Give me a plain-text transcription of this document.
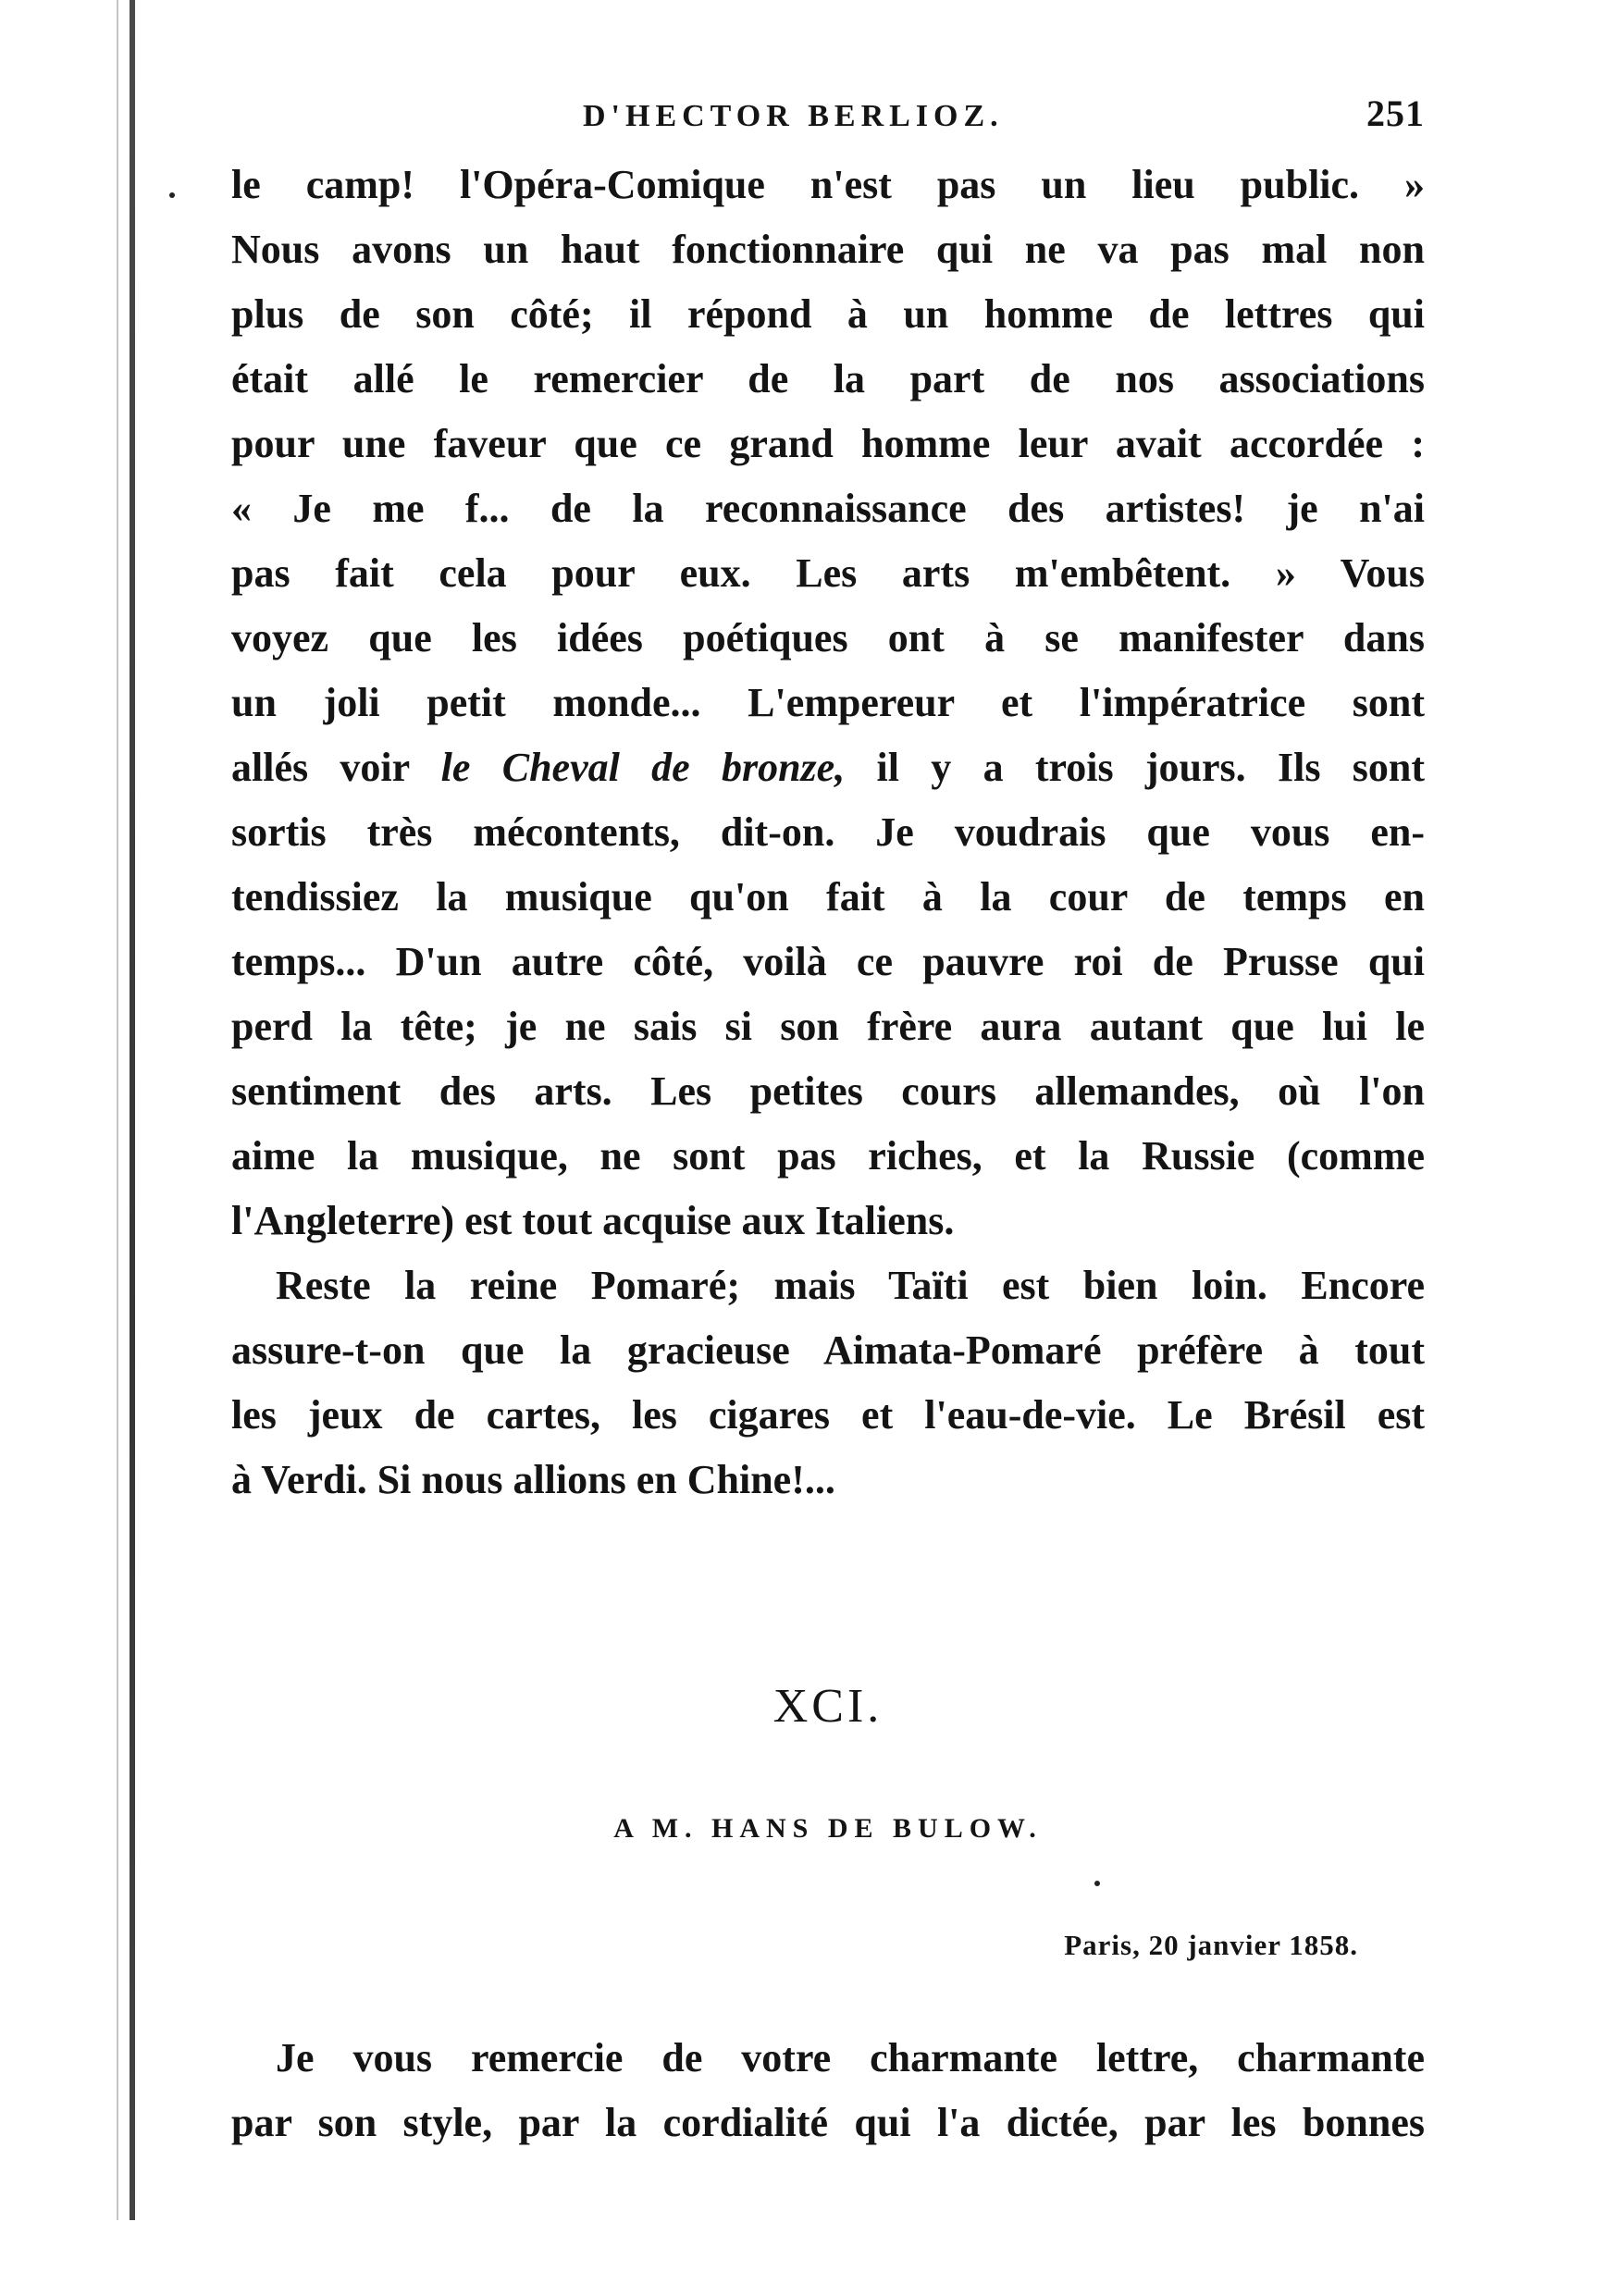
D'HECTOR BERLIOZ.	251

le camp! l'Opéra-Comique n'est pas un lieu public. »
Nous avons un haut fonctionnaire qui ne va pas mal non
plus de son côté; il répond à un homme de lettres qui
était allé le remercier de la part de nos associations
pour une faveur que ce grand homme leur avait accordée :
« Je me f... de la reconnaissance des artistes! je n'ai
pas fait cela pour eux. Les arts m'embêtent. » Vous
voyez que les idées poétiques ont à se manifester dans
un joli petit monde... L'empereur et l'impératrice sont
allés voir le Cheval de bronze, il y a trois jours. Ils sont
sortis très mécontents, dit-on. Je voudrais que vous en-
tendissiez la musique qu'on fait à la cour de temps en
temps... D'un autre côté, voilà ce pauvre roi de Prusse qui
perd la tête; je ne sais si son frère aura autant que lui le
sentiment des arts. Les petites cours allemandes, où l'on
aime la musique, ne sont pas riches, et la Russie (comme
l'Angleterre) est tout acquise aux Italiens.

Reste la reine Pomaré; mais Taïti est bien loin. Encore
assure-t-on que la gracieuse Aimata-Pomaré préfère à tout
les jeux de cartes, les cigares et l'eau-de-vie. Le Brésil est
à Verdi. Si nous allions en Chine!...

XCI.
A M. HANS DE BULOW.
Paris, 20 janvier 1858.

Je vous remercie de votre charmante lettre, charmante
par son style, par la cordialité qui l'a dictée, par les bonnes
